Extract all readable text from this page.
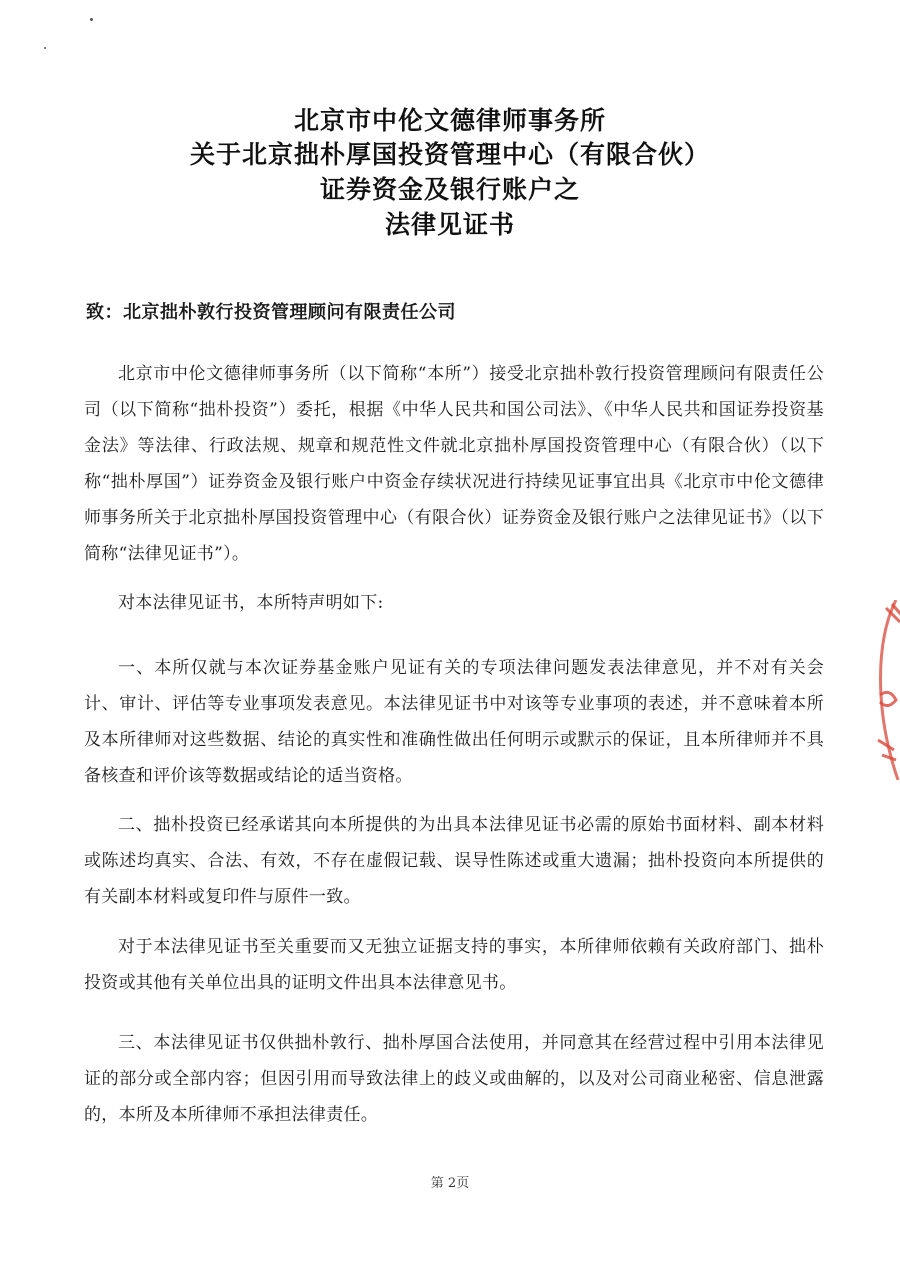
北京市中伦文德律师事务所
关于北京拙朴厚国投资管理中心（有限合伙）
证券资金及银行账户之
法律见证书
致：北京拙朴敦行投资管理顾问有限责任公司
北京市中伦文德律师事务所（以下简称“本所”）接受北京拙朴敦行投资管理顾问有限责任公司（以下简称“拙朴投资”）委托，根据《中华人民共和国公司法》、《中华人民共和国证券投资基金法》等法律、行政法规、规章和规范性文件就北京拙朴厚国投资管理中心（有限合伙）（以下称“拙朴厚国”）证券资金及银行账户中资金存续状况进行持续见证事宜出具《北京市中伦文德律师事务所关于北京拙朴厚国投资管理中心（有限合伙）证券资金及银行账户之法律见证书》（以下简称“法律见证书”）。
对本法律见证书，本所特声明如下:
一、本所仅就与本次证券基金账户见证有关的专项法律问题发表法律意见，并不对有关会计、审计、评估等专业事项发表意见。本法律见证书中对该等专业事项的表述，并不意味着本所及本所律师对这些数据、结论的真实性和准确性做出任何明示或默示的保证，且本所律师并不具备核查和评价该等数据或结论的适当资格。
二、拙朴投资已经承诺其向本所提供的为出具本法律见证书必需的原始书面材料、副本材料或陈述均真实、合法、有效，不存在虚假记载、误导性陈述或重大遗漏；拙朴投资向本所提供的有关副本材料或复印件与原件一致。
对于本法律见证书至关重要而又无独立证据支持的事实，本所律师依赖有关政府部门、拙朴投资或其他有关单位出具的证明文件出具本法律意见书。
三、本法律见证书仅供拙朴敦行、拙朴厚国合法使用，并同意其在经营过程中引用本法律见证的部分或全部内容；但因引用而导致法律上的歧义或曲解的，以及对公司商业秘密、信息泄露的，本所及本所律师不承担法律责任。
第 2页
